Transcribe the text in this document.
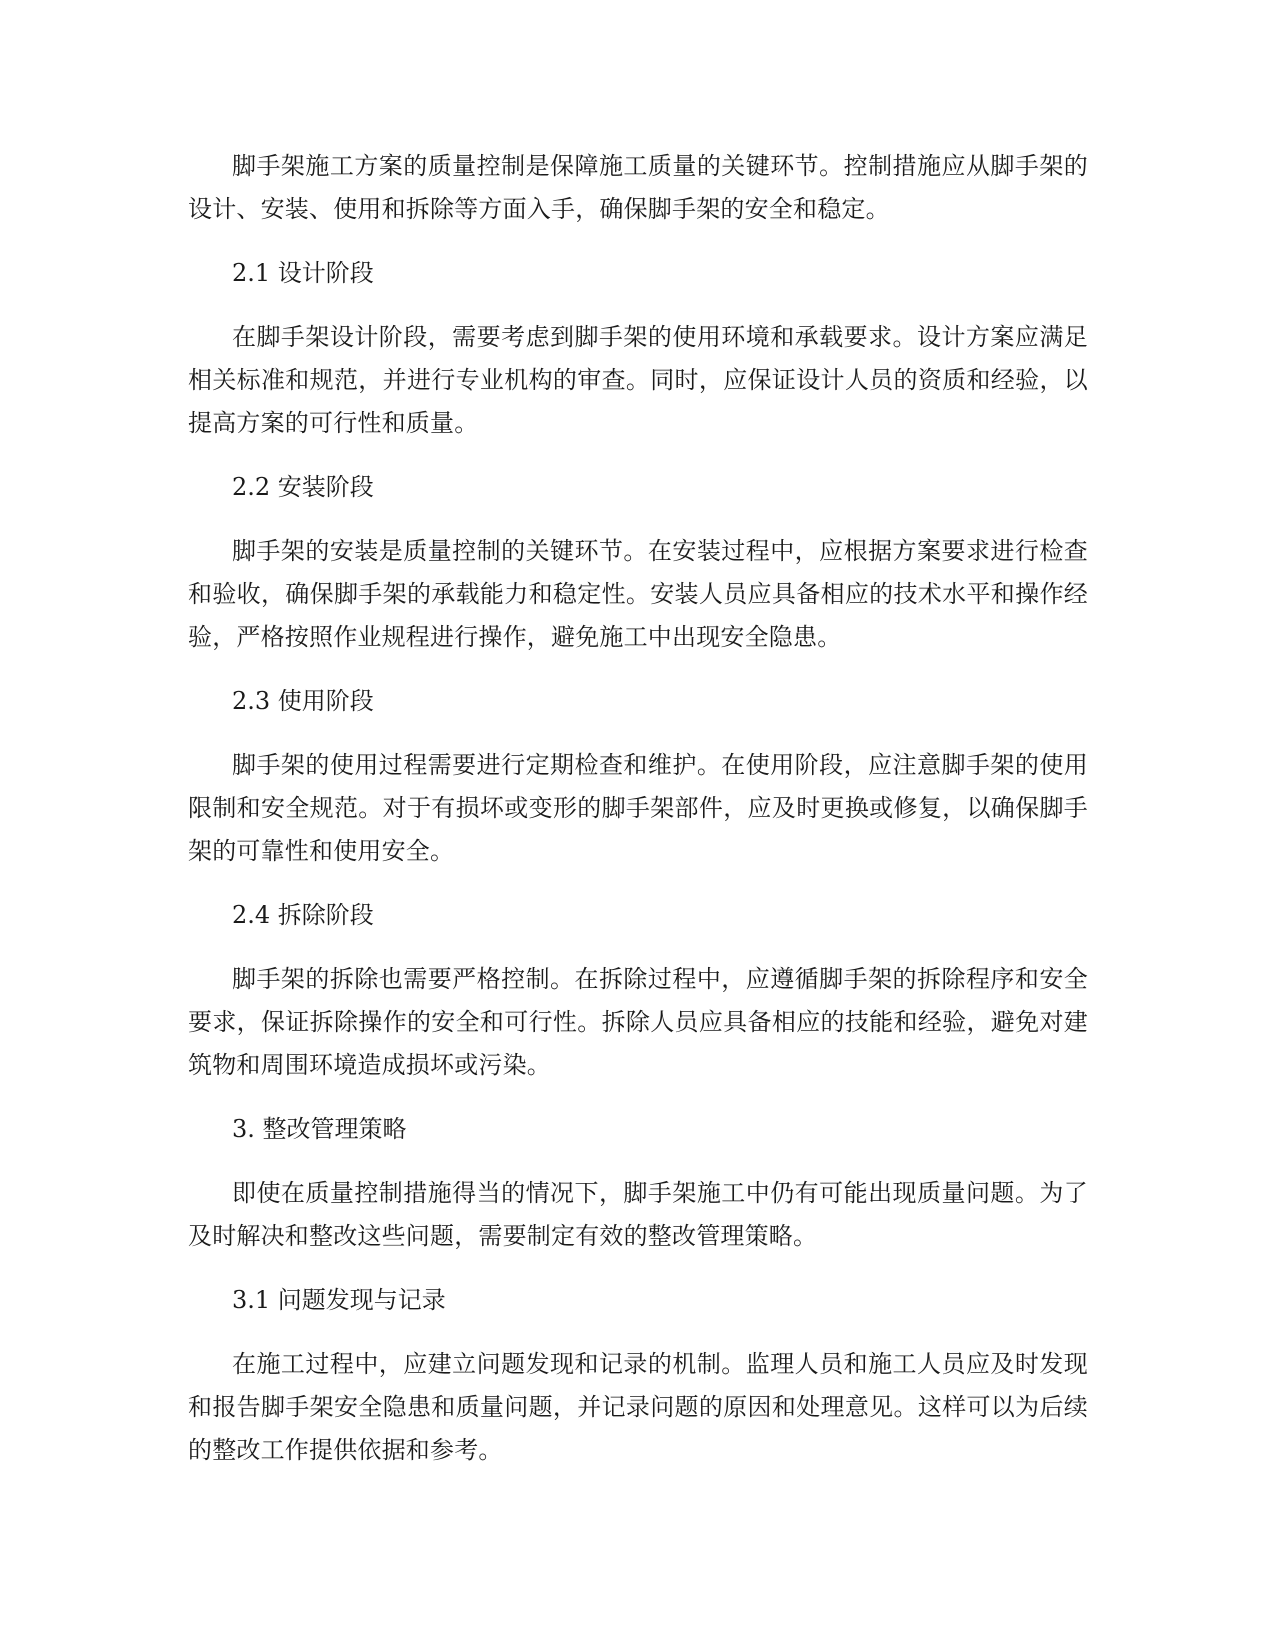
脚手架施工方案的质量控制是保障施工质量的关键环节。控制措施应从脚手架的设计、安装、使用和拆除等方面入手，确保脚手架的安全和稳定。

2.1 设计阶段

在脚手架设计阶段，需要考虑到脚手架的使用环境和承载要求。设计方案应满足相关标准和规范，并进行专业机构的审查。同时，应保证设计人员的资质和经验，以提高方案的可行性和质量。

2.2 安装阶段

脚手架的安装是质量控制的关键环节。在安装过程中，应根据方案要求进行检查和验收，确保脚手架的承载能力和稳定性。安装人员应具备相应的技术水平和操作经验，严格按照作业规程进行操作，避免施工中出现安全隐患。

2.3 使用阶段

脚手架的使用过程需要进行定期检查和维护。在使用阶段，应注意脚手架的使用限制和安全规范。对于有损坏或变形的脚手架部件，应及时更换或修复，以确保脚手架的可靠性和使用安全。

2.4 拆除阶段

脚手架的拆除也需要严格控制。在拆除过程中，应遵循脚手架的拆除程序和安全要求，保证拆除操作的安全和可行性。拆除人员应具备相应的技能和经验，避免对建筑物和周围环境造成损坏或污染。

3. 整改管理策略

即使在质量控制措施得当的情况下，脚手架施工中仍有可能出现质量问题。为了及时解决和整改这些问题，需要制定有效的整改管理策略。

3.1 问题发现与记录

在施工过程中，应建立问题发现和记录的机制。监理人员和施工人员应及时发现和报告脚手架安全隐患和质量问题，并记录问题的原因和处理意见。这样可以为后续的整改工作提供依据和参考。
